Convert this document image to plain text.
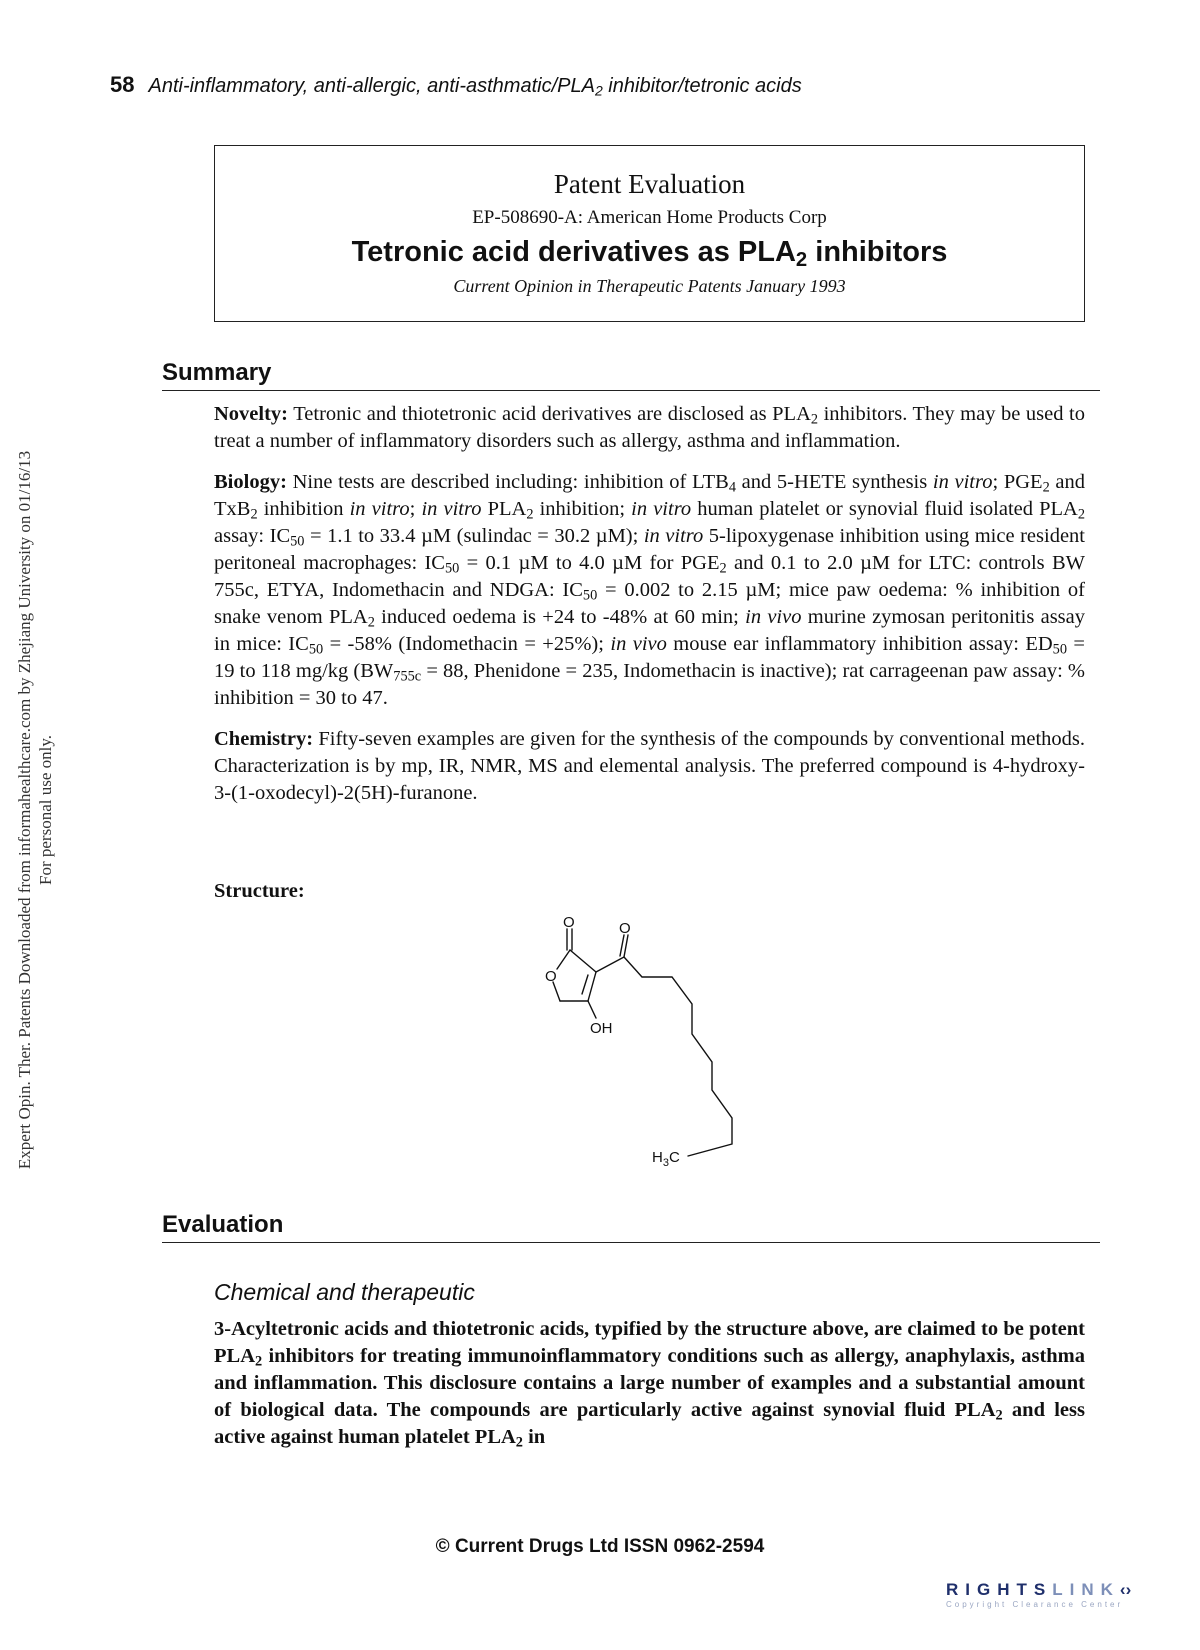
Expert Opin. Ther. Patents Downloaded from informahealthcare.com by Zhejiang University on 01/16/13 For personal use only.
58 Anti-inflammatory, anti-allergic, anti-$asthmatic/PLA_2$ inhibitor/tetronic acids
Patent Evaluation
EP-508690-A: American Home Products Corp
Tetronic acid derivatives as $PLA_2$ inhibitors
Current Opinion in Therapeutic Patents January 1993
Summary

Novelty: Tetronic and thiotetronic acid derivatives are disclosed as $PLA_2$ inhibitors. They may be used to treat a number of inflammatory disorders such as allergy, asthma and inflammation.

Biology: Nine tests are described including: inhibition of $LTB_4$ and 5-HETE synthesis in vitro; $PGE_2$ and TxB$_2$ inhibition in vitro; in vitro $PLA_2$ inhibition; in vitro human platelet or synovial fluid isolated $PLA_2$ assay: $IC_{50} = 1.1$ to 33.4 µM (sulindac = 30.2 µM); in vitro 5-lipoxygenase inhibition using mice resident peritoneal macrophages: $IC_{50} = 0.1$ µM to 4.0 µM for $PGE_2$ and 0.1 to 2.0 µM for LTC: controls BW 755c, ETYA, Indomethacin and NDGA: $IC_{50} = 0.002$ to 2.15 µM; mice paw oedema: % inhibition of snake venom $PLA_2$ induced oedema is +24 to -48% at 60 min; in vivo murine zymosan peritonitis assay in mice: $IC_{50} = -58\%$ (Indomethacin = +25%); in vivo mouse ear inflammatory inhibition assay: $ED_{50} = 19$ to 118 mg/kg ($BW_{755c} = 88$, Phenidone = 235, Indomethacin is inactive); rat carrageenan paw assay: % inhibition = 30 to 47.

Chemistry: Fifty-seven examples are given for the synthesis of the compounds by conventional methods. Characterization is by mp, IR, NMR, MS and elemental analysis. The preferred compound is 4-hydroxy-3-(1-oxodecyl)-2(5H)-furanone.

Structure:
O	O
O
OH
$H_3C$
Evaluation
Chemical and therapeutic

3-Acyltetronic acids and thiotetronic acids, typified by the structure above, are claimed to be potent $PLA_2$ inhibitors for treating immunoinflammatory conditions such as allergy, anaphylaxis, asthma and inflammation. This disclosure contains a large number of examples and a substantial amount of biological data. The compounds are particularly active against synovial fluid $PLA_2$ and less active against human platelet $PLA_2$ in

© Current Drugs Ltd ISSN 0962-2594
RIGHTSLINK‹›
Copyright Clearance Center
